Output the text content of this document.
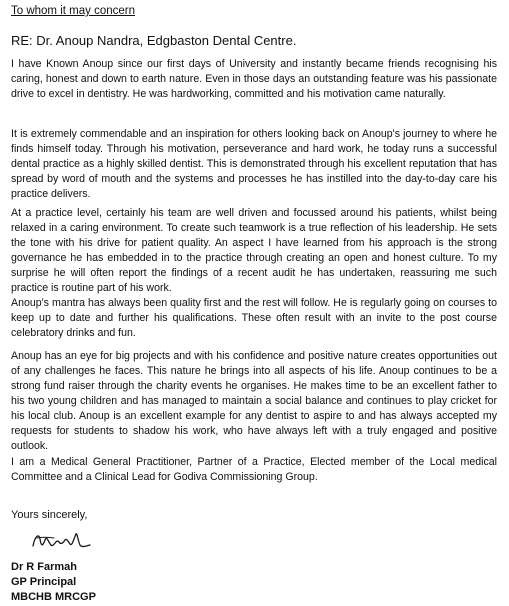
To whom it may concern
RE: Dr. Anoup Nandra, Edgbaston Dental Centre.

I have Known Anoup since our first days of University and instantly became friends recognising his caring, honest and down to earth nature. Even in those days an outstanding feature was his passionate drive to excel in dentistry. He was hardworking, committed and his motivation came naturally.

It is extremely commendable and an inspiration for others looking back on Anoup's journey to where he finds himself today. Through his motivation, perseverance and hard work, he today runs a successful dental practice as a highly skilled dentist. This is demonstrated through his excellent reputation that has spread by word of mouth and the systems and processes he has instilled into the day-to-day care his practice delivers.

At a practice level, certainly his team are well driven and focussed around his patients, whilst being relaxed in a caring environment. To create such teamwork is a true reflection of his leadership. He sets the tone with his drive for patient quality. An aspect I have learned from his approach is the strong governance he has embedded in to the practice through creating an open and honest culture. To my surprise he will often report the findings of a recent audit he has undertaken, reassuring me such practice is routine part of his work.

Anoup's mantra has always been quality first and the rest will follow. He is regularly going on courses to keep up to date and further his qualifications. These often result with an invite to the post course celebratory drinks and fun.

Anoup has an eye for big projects and with his confidence and positive nature creates opportunities out of any challenges he faces. This nature he brings into all aspects of his life. Anoup continues to be a strong fund raiser through the charity events he organises. He makes time to be an excellent father to his two young children and has managed to maintain a social balance and continues to play cricket for his local club. Anoup is an excellent example for any dentist to aspire to and has always accepted my requests for students to shadow his work, who have always left with a truly engaged and positive outlook.

I am a Medical General Practitioner, Partner of a Practice, Elected member of the Local medical Committee and a Clinical Lead for Godiva Commissioning Group.

Yours sincerely,
Dr R Farmah
GP Principal
MBCHB MRCGP
